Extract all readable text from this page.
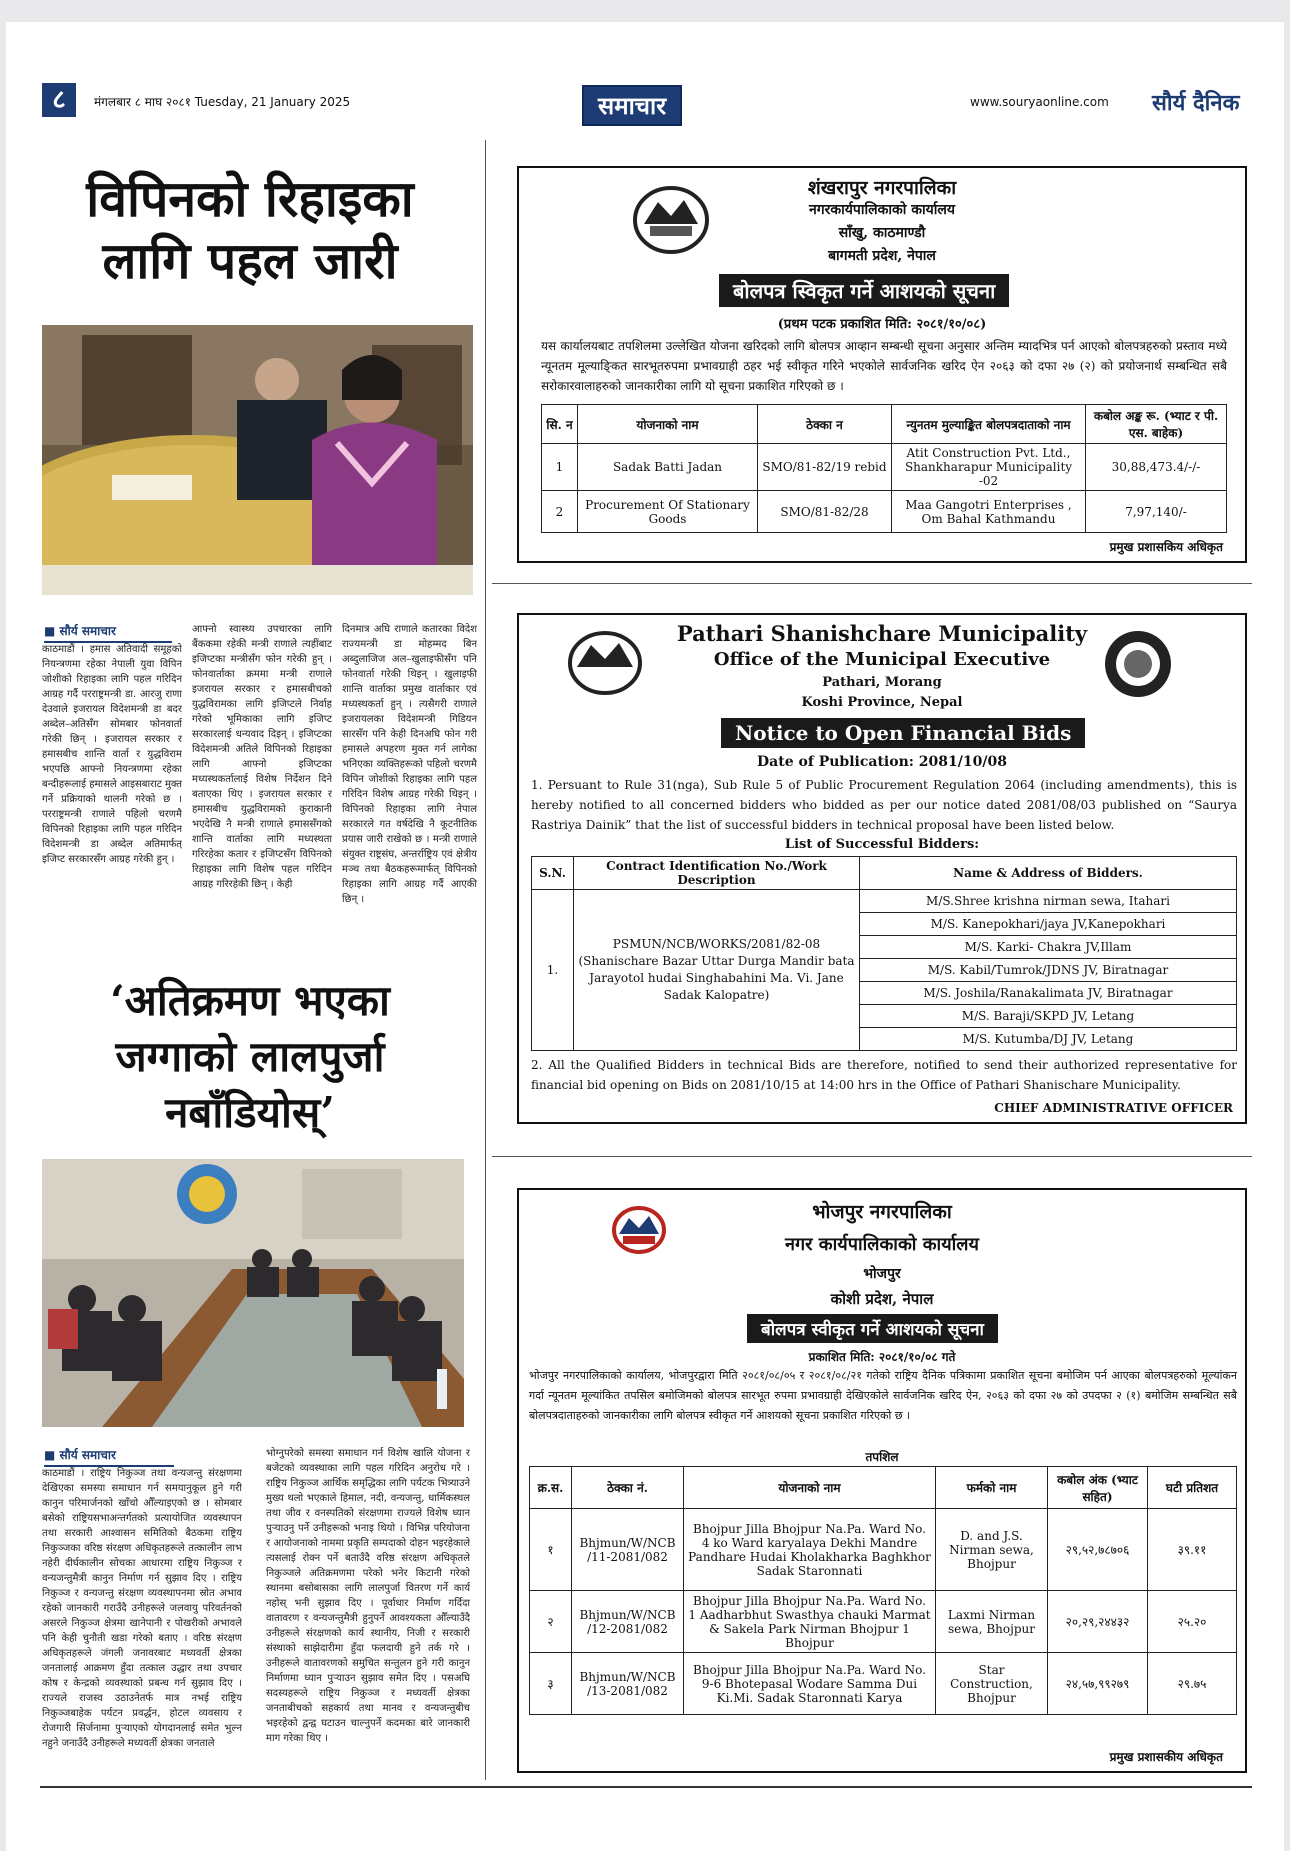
८	मंगलबार ८ माघ २०८१ Tuesday, 21 January 2025	समाचार	www.souryaonline.com सौर्य दैनिक
विपिनको रिहाइका
लागि पहल जारी
■ सौर्य समाचार
काठमाडौं । हमास अतिवादी समूहको नियन्त्रणमा रहेका नेपाली युवा विपिन जोशीको रिहाइका लागि पहल गरिदिन आग्रह गर्दै परराष्ट्रमन्त्री डा. आरजु राणा देउवाले इजरायल विदेशमन्त्री डा बदर अब्देल–अतिसँग सोमबार फोनवार्ता गरेकी छिन् । इजरायल सरकार र हमासबीच शान्ति वार्ता र युद्धविराम भएपछि आफ्नो नियन्त्रणमा रहेका बन्दीहरूलाई हमासले आइसबाराट मुक्त गर्ने प्रक्रियाको थालनी गरेको छ । परराष्ट्रमन्त्री राणाले पहिलो चरणमै विपिनको रिहाइका लागि पहल गरिदिन विदेशमन्त्री डा अब्देल अतिमार्फत् इजिप्ट सरकारसँग आग्रह गरेकी हुन् ।
आफ्नो स्वास्थ्य उपचारका लागि बैंककमा रहेकी मन्त्री राणाले त्यहींबाट इजिप्टका मन्त्रीसँग फोन गरेकी हुन् । फोनवार्ताका क्रममा मन्त्री राणाले इजरायल सरकार र हमासबीचको युद्धविरामका लागि इजिप्टले निर्वाह गरेको भूमिकाका लागि इजिप्ट सरकारलाई धन्यवाद दिइन् । इजिप्टका विदेशमन्त्री अतिले विपिनको रिहाइका लागि आफ्नो इजिप्टका मध्यस्थकर्तालाई विशेष निर्देशन दिने बताएका थिए । इजरायल सरकार र हमासबीच युद्धविरामको कुराकानी भएदेखि नै मन्त्री राणाले हमाससँगको शान्ति वार्ताका लागि मध्यस्थता गरिरहेका कतार र इजिप्टसँग विपिनको रिहाइका लागि विशेष पहल गरिदिन आग्रह गरिरहेकी छिन् । केही
दिनमात्र अघि राणाले कतारका विदेश राज्यमन्त्री डा मोहम्मद बिन अब्दुलाजिज अल–खुलाइफीसँग पनि फोनवार्ता गरेकी थिइन् । खुलाइफी शान्ति वार्ताका प्रमुख वार्ताकार एवं मध्यस्थकर्ता हुन् । त्यसैगरी राणाले इजरायलका विदेशमन्त्री गिडियन सारसँग पनि केही दिनअघि फोन गरी हमासले अपहरण मुक्त गर्न लागेका भनिएका व्यक्तिहरूको पहिलो चरणमै विपिन जोशीको रिहाइका लागि पहल गरिदिन विशेष आग्रह गरेकी थिइन् । विपिनको रिहाइका लागि नेपाल सरकारले गत वर्षदेखि नै कूटनीतिक प्रयास जारी राखेको छ । मन्त्री राणाले संयुक्त राष्ट्रसंघ, अन्तर्राष्ट्रिय एवं क्षेत्रीय मञ्च तथा बैठकहरूमार्फत् विपिनको रिहाइका लागि आग्रह गर्दै आएकी छिन् ।
‘अतिक्रमण भएका
जग्गाको लालपुर्जा
नबाँडियोस्’
■ सौर्य समाचार
काठमाडौं । राष्ट्रिय निकुञ्ज तथा वन्यजन्तु संरक्षणमा देखिएका समस्या समाधान गर्न समयानुकूल हुने गरी कानुन परिमार्जनको खाँचो औँल्याइएको छ । सोमबार बसेको राष्ट्रियसभाअन्तर्गतको प्रत्यायोजित व्यवस्थापन तथा सरकारी आश्वासन समितिको बैठकमा राष्ट्रिय निकुञ्जका वरिष्ठ संरक्षण अधिकृतहरूले तत्कालीन लाभ नहेरी दीर्घकालीन सोचका आधारमा राष्ट्रिय निकुञ्ज र वन्यजन्तुमैत्री कानुन निर्माण गर्न सुझाव दिए । राष्ट्रिय निकुञ्ज र वन्यजन्तु संरक्षण व्यवस्थापनमा स्रोत अभाव रहेको जानकारी गराउँदै उनीहरूले जलवायु परिवर्तनको असरले निकुञ्ज क्षेत्रमा खानेपानी र पोखरीको अभावले पनि केही चुनौती खडा गरेको बताए । वरिष्ठ संरक्षण अधिकृतहरूले जंगली जनावरबाट मध्यवर्ती क्षेत्रका जनतालाई आक्रमण हुँदा तत्काल उद्धार तथा उपचार कोष र केन्द्रको व्यवस्थाको प्रबन्ध गर्न सुझाव दिए । राज्यले राजस्व उठाउनेतर्फ मात्र नभई राष्ट्रिय निकुञ्जबाहेक पर्यटन प्रवर्द्धन, होटल व्यवसाय र रोजगारी सिर्जनामा पुऱ्याएको योगदानलाई समेत भुल्न नहुने जनाउँदै उनीहरूले मध्यवर्ती क्षेत्रका जनताले
भोग्नुपरेको समस्या समाधान गर्न विशेष खालि योजना र बजेटको व्यवस्थाका लागि पहल गरिदिन अनुरोध गरे । राष्ट्रिय निकुञ्ज आर्थिक समृद्धिका लागि पर्यटक भित्र्याउने मुख्य थलो भएकाले हिमाल, नदी, वन्यजन्तु, धार्मिकस्थल तथा जीव र वनस्पतिको संरक्षणमा राज्यले विशेष ध्यान पुऱ्याउनु पर्ने उनीहरूको भनाइ थियो । विभिन्न परियोजना र आयोजनाको नाममा प्रकृति सम्पदाको दोहन भइरहेकाले त्यसलाई रोक्न पर्ने बताउँदै वरिष्ठ संरक्षण अधिकृतले निकुञ्जले अतिक्रमणमा परेको भनेर किटानी गरेको स्थानमा बसोबासका लागि लालपुर्जा वितरण गर्ने कार्य नहोस् भनी सुझाव दिए । पूर्वाधार निर्माण गर्दिदा वातावरण र वन्यजन्तुमैत्री हुनुपर्ने आवश्यकता औँल्याउँदै उनीहरूले संरक्षणको कार्य स्थानीय, निजी र सरकारी संस्थाको साझेदारीमा हुँदा फलदायी हुने तर्क गरे । उनीहरूले वातावरणको समुचित सन्तुलन हुने गरी कानुन निर्माणमा ध्यान पुऱ्याउन सुझाव समेत दिए । पसअघि सदस्यहरूले राष्ट्रिय निकुञ्ज र मध्यवर्ती क्षेत्रका जनताबीचको सहकार्य तथा मानव र वन्यजन्तुबीच भइरहेको द्वन्द्व घटाउन चाल्नुपर्ने कदमका बारे जानकारी माग गरेका थिए ।
शंखरापुर नगरपालिका
नगरकार्यपालिकाको कार्यालय
साँखु, काठमाण्डौ
बागमती प्रदेश, नेपाल
बोलपत्र स्विकृत गर्ने आशयको सूचना
(प्रथम पटक प्रकाशित मिति: २०८१/१०/०८)
यस कार्यालयबाट तपशिलमा उल्लेखित योजना खरिदको लागि बोलपत्र आव्हान सम्बन्धी सूचना अनुसार अन्तिम म्यादभित्र पर्न आएको बोलपत्रहरुको प्रस्ताव मध्ये न्यूनतम मूल्याङ्‍कित सारभूतरुपमा प्रभावग्राही ठहर भई स्वीकृत गरिने भएकोले सार्वजनिक खरिद ऐन २०६३ को दफा २७ (२) को प्रयोजनार्थ सम्बन्धित सबै सरोकारवालाहरुको जानकारीका लागि यो सूचना प्रकाशित गरिएको छ ।
सि. न	योजनाको नाम	ठेक्का न	न्युनतम मुल्याङ्कित बोलपत्रदाताको नाम	कबोल अङ्क रू. (भ्याट र पी. एस. बाहेक)
1	Sadak Batti Jadan	SMO/81-82/19 rebid	Atit Construction Pvt. Ltd., Shankharapur Municipality -02	30,88,473.4/-/-
2	Procurement Of Stationary Goods	SMO/81-82/28	Maa Gangotri Enterprises , Om Bahal Kathmandu	7,97,140/-
प्रमुख प्रशासकिय अधिकृत
Pathari Shanishchare Municipality
Office of the Municipal Executive
Pathari, Morang
Koshi Province, Nepal
Notice to Open Financial Bids
Date of Publication: 2081/10/08
1. Persuant to Rule 31(nga), Sub Rule 5 of Public Procurement Regulation 2064 (including amendments), this is hereby notified to all concerned bidders who bidded as per our notice dated 2081/08/03 published on “Saurya Rastriya Dainik” that the list of successful bidders in technical proposal have been listed below.
List of Successful Bidders:
S.N.	Contract Identification No./Work Description	Name & Address of Bidders.
1.	PSMUN/NCB/WORKS/2081/82-08 (Shanischare Bazar Uttar Durga Mandir bata Jarayotol hudai Singhabahini Ma. Vi. Jane Sadak Kalopatre)	M/S.Shree krishna nirman sewa, Itahari
		M/S. Kanepokhari/jaya JV,Kanepokhari
		M/S. Karki- Chakra JV,Illam
		M/S. Kabil/Tumrok/JDNS JV, Biratnagar
		M/S. Joshila/Ranakalimata JV, Biratnagar
		M/S. Baraji/SKPD JV, Letang
		M/S. Kutumba/DJ JV, Letang
2. All the Qualified Bidders in technical Bids are therefore, notified to send their authorized representative for financial bid opening on Bids on 2081/10/15 at 14:00 hrs in the Office of Pathari Shanischare Municipality.
CHIEF ADMINISTRATIVE OFFICER
भोजपुर नगरपालिका
नगर कार्यपालिकाको कार्यालय
भोजपुर
कोशी प्रदेश, नेपाल
बोलपत्र स्वीकृत गर्ने आशयको सूचना
प्रकाशित मिति: २०८१/१०/०८ गते
भोजपुर नगरपालिकाको कार्यालय, भोजपुरद्वारा मिति २०८१/०८/०५ र २०८१/०८/२१ गतेको राष्ट्रिय दैनिक पत्रिकामा प्रकाशित सूचना बमोजिम पर्न आएका बोलपत्रहरुको मूल्यांकन गर्दा न्यूनतम मूल्यांकित तपसिल बमोजिमको बोलपत्र सारभूत रुपमा प्रभावग्राही देखिएकोले सार्वजनिक खरिद ऐन, २०६३ को दफा २७ को उपदफा २ (१) बमोजिम सम्बन्धित सबै बोलपत्रदाताहरुको जानकारीका लागि बोलपत्र स्वीकृत गर्ने आशयको सूचना प्रकाशित गरिएको छ ।
तपशिल
क्र.स.	ठेक्का नं.	योजनाको नाम	फर्मको नाम	कबोल अंक (भ्याट सहित)	घटी प्रतिशत
१	Bhjmun/W/NCB /11-2081/082	Bhojpur Jilla Bhojpur Na.Pa. Ward No. 4 ko Ward karyalaya Dekhi Mandre Pandhare Hudai Kholakharka Baghkhor Sadak Staronnati	D. and J.S. Nirman sewa, Bhojpur	२९,५२,७८७०६	३९.११
२	Bhjmun/W/NCB /12-2081/082	Bhojpur Jilla Bhojpur Na.Pa. Ward No. 1 Aadharbhut Swasthya chauki Marmat & Sakela Park Nirman Bhojpur 1 Bhojpur	Laxmi Nirman sewa, Bhojpur	२०,२९,२४४३२	२५.२०
३	Bhjmun/W/NCB /13-2081/082	Bhojpur Jilla Bhojpur Na.Pa. Ward No. 9-6 Bhotepasal Wodare Samma Dui Ki.Mi. Sadak Staronnati Karya	Star Construction, Bhojpur	२४,५७,९९२७९	२९.७५
प्रमुख प्रशासकीय अधिकृत
